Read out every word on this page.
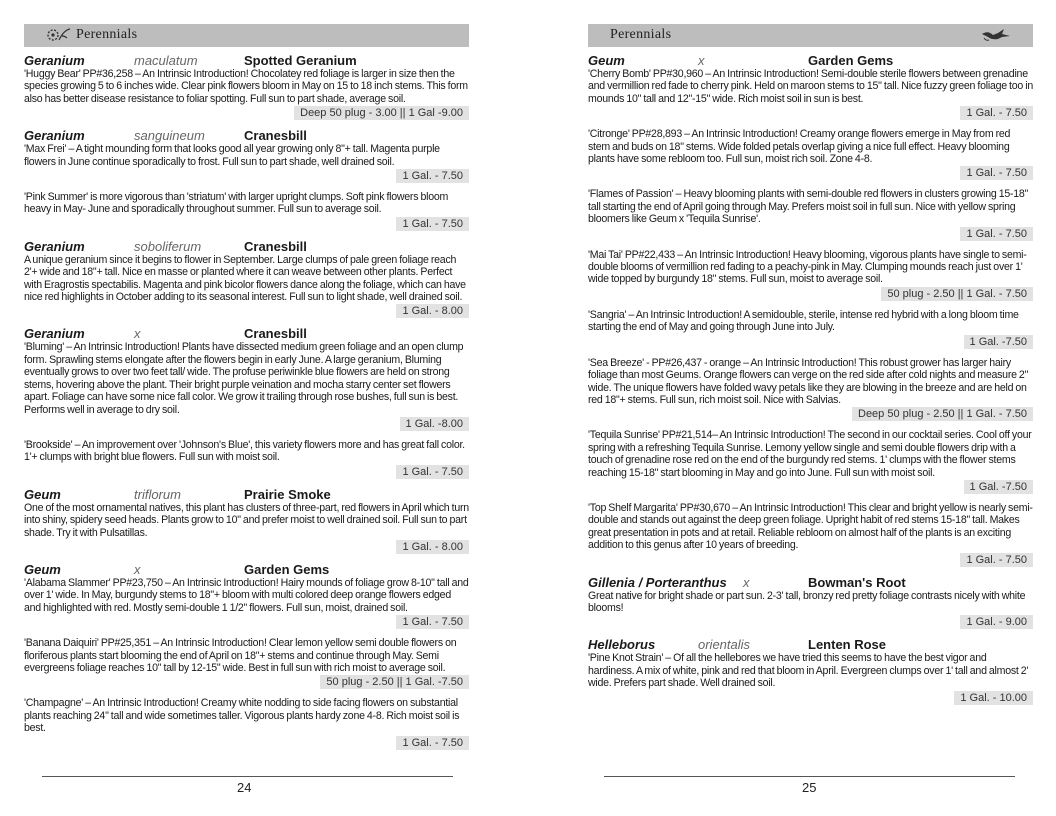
Perennials
Geranium	maculatum	Spotted Geranium

'Huggy Bear' PP#36,258 – An Intrinsic Introduction! Chocolatey red foliage is larger in size then the species growing 5 to 6 inches wide. Clear pink flowers bloom in May on 15 to 18 inch stems. This form also has better disease resistance to foliar spotting. Full sun to part shade, average soil.

Deep 50 plug - 3.00 || 1 Gal -9.00
Geranium	sanguineum	Cranesbill

'Max Frei' – A tight mounding form that looks good all year growing only 8"+ tall. Magenta purple flowers in June continue sporadically to frost. Full sun to part shade, well drained soil.

1 Gal. - 7.50

'Pink Summer' is more vigorous than 'striatum' with larger upright clumps. Soft pink flowers bloom heavy in May- June and sporadically throughout summer. Full sun to average soil.

1 Gal. - 7.50
Geranium	soboliferum	Cranesbill

A unique geranium since it begins to flower in September. Large clumps of pale green foliage reach 2'+ wide and 18"+ tall. Nice en masse or planted where it can weave between other plants. Perfect with Eragrostis spectabilis. Magenta and pink bicolor flowers dance along the foliage, which can have nice red highlights in October adding to its seasonal interest. Full sun to light shade, well drained soil.

1 Gal. - 8.00
Geranium	x	Cranesbill

'Bluming' – An Intrinsic Introduction! Plants have dissected medium green foliage and an open clump form. Sprawling stems elongate after the flowers begin in early June. A large geranium, Bluming eventually grows to over two feet tall/ wide. The profuse periwinkle blue flowers are held on strong stems, hovering above the plant. Their bright purple veination and mocha starry center set flowers apart. Foliage can have some nice fall color. We grow it trailing through rose bushes, full sun is best. Performs well in average to dry soil.

1 Gal. -8.00

'Brookside' – An improvement over 'Johnson's Blue', this variety flowers more and has great fall color. 1'+ clumps with bright blue flowers. Full sun with moist soil.

1 Gal. - 7.50
Geum	triflorum	Prairie Smoke

One of the most ornamental natives, this plant has clusters of three-part, red flowers in April which turn into shiny, spidery seed heads. Plants grow to 10" and prefer moist to well drained soil. Full sun to part shade. Try it with Pulsatillas.

1 Gal. - 8.00
Geum	x	Garden Gems

'Alabama Slammer' PP#23,750 – An Intrinsic Introduction! Hairy mounds of foliage grow 8-10" tall and over 1' wide. In May, burgundy stems to 18"+ bloom with multi colored deep orange flowers edged and highlighted with red. Mostly semi-double 1 1/2" flowers. Full sun, moist, drained soil.

1 Gal. - 7.50

'Banana Daiquiri' PP#25,351 – An Intrinsic Introduction! Clear lemon yellow semi double flowers on floriferous plants start blooming the end of April on 18"+ stems and continue through May. Semi evergreens foliage reaches 10" tall by 12-15" wide. Best in full sun with rich moist to average soil.

50 plug - 2.50 || 1 Gal. -7.50

'Champagne' – An Intrinsic Introduction! Creamy white nodding to side facing flowers on substantial plants reaching 24" tall and wide sometimes taller. Vigorous plants hardy zone 4-8. Rich moist soil is best.

1 Gal. - 7.50
24
Perennials
Geum	x	Garden Gems

'Cherry Bomb' PP#30,960 – An Intrinsic Introduction! Semi-double sterile flowers between grenadine and vermillion red fade to cherry pink. Held on maroon stems to 15" tall. Nice fuzzy green foliage too in mounds 10" tall and 12"-15" wide. Rich moist soil in sun is best.

1 Gal. - 7.50

'Citronge' PP#28,893 – An Intrinsic Introduction! Creamy orange flowers emerge in May from red stem and buds on 18" stems. Wide folded petals overlap giving a nice full effect. Heavy blooming plants have some rebloom too. Full sun, moist rich soil. Zone 4-8.

1 Gal. - 7.50

'Flames of Passion' – Heavy blooming plants with semi-double red flowers in clusters growing 15-18" tall starting the end of April going through May. Prefers moist soil in full sun. Nice with yellow spring bloomers like Geum x 'Tequila Sunrise'.

1 Gal. - 7.50

'Mai Tai' PP#22,433 – An Intrinsic Introduction! Heavy blooming, vigorous plants have single to semi-double blooms of vermillion red fading to a peachy-pink in May. Clumping mounds reach just over 1' wide topped by burgundy 18" stems. Full sun, moist to average soil.

50 plug - 2.50 || 1 Gal. - 7.50

'Sangria' – An Intrinsic Introduction! A semidouble, sterile, intense red hybrid with a long bloom time starting the end of May and going through June into July.

1 Gal. -7.50

'Sea Breeze' - PP#26,437 - orange – An Intrinsic Introduction! This robust grower has larger hairy foliage than most Geums. Orange flowers can verge on the red side after cold nights and measure 2" wide. The unique flowers have folded wavy petals like they are blowing in the breeze and are held on red 18"+ stems. Full sun, rich moist soil. Nice with Salvias.

Deep 50 plug - 2.50 || 1 Gal. - 7.50

'Tequila Sunrise' PP#21,514– An Intrinsic Introduction! The second in our cocktail series. Cool off your spring with a refreshing Tequila Sunrise. Lemony yellow single and semi double flowers drip with a touch of grenadine rose red on the end of the burgundy red stems. 1' clumps with the flower stems reaching 15-18" start blooming in May and go into June. Full sun with moist soil.

1 Gal. -7.50

'Top Shelf Margarita' PP#30,670 – An Intrinsic Introduction! This clear and bright yellow is nearly semi-double and stands out against the deep green foliage. Upright habit of red stems 15-18" tall. Makes great presentation in pots and at retail. Reliable rebloom on almost half of the plants is an exciting addition to this genus after 10 years of breeding.

1 Gal. - 7.50
Gillenia / Porteranthus	x	Bowman's Root

Great native for bright shade or part sun. 2-3' tall, bronzy red pretty foliage contrasts nicely with white blooms!

1 Gal. - 9.00
Helleborus	orientalis	Lenten Rose

'Pine Knot Strain' – Of all the hellebores we have tried this seems to have the best vigor and hardiness. A mix of white, pink and red that bloom in April. Evergreen clumps over 1' tall and almost 2' wide. Prefers part shade. Well drained soil.

1 Gal. - 10.00
25
